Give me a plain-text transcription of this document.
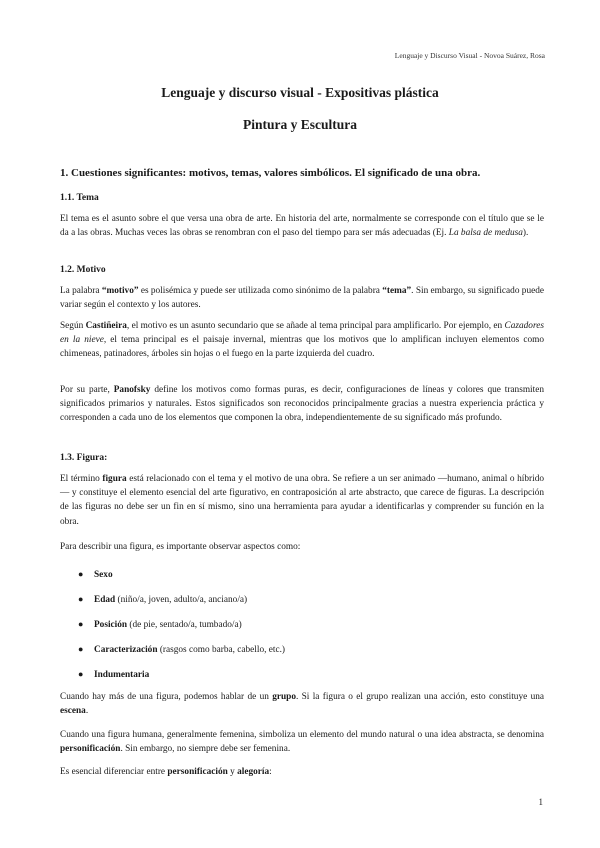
Lenguaje y Discurso Visual - Novoa Suárez, Rosa
Lenguaje y discurso visual - Expositivas plástica
Pintura y Escultura
1. Cuestiones significantes: motivos, temas, valores simbólicos. El significado de una obra.
1.1. Tema
El tema es el asunto sobre el que versa una obra de arte. En historia del arte, normalmente se corresponde con el título que se le da a las obras. Muchas veces las obras se renombran con el paso del tiempo para ser más adecuadas (Ej. La balsa de medusa).
1.2. Motivo
La palabra “motivo” es polisémica y puede ser utilizada como sinónimo de la palabra “tema”. Sin embargo, su significado puede variar según el contexto y los autores.
Según Castiñeira, el motivo es un asunto secundario que se añade al tema principal para amplificarlo. Por ejemplo, en Cazadores en la nieve, el tema principal es el paisaje invernal, mientras que los motivos que lo amplifican incluyen elementos como chimeneas, patinadores, árboles sin hojas o el fuego en la parte izquierda del cuadro.
Por su parte, Panofsky define los motivos como formas puras, es decir, configuraciones de líneas y colores que transmiten significados primarios y naturales. Estos significados son reconocidos principalmente gracias a nuestra experiencia práctica y corresponden a cada uno de los elementos que componen la obra, independientemente de su significado más profundo.
1.3. Figura:
El término figura está relacionado con el tema y el motivo de una obra. Se refiere a un ser animado —humano, animal o híbrido— y constituye el elemento esencial del arte figurativo, en contraposición al arte abstracto, que carece de figuras. La descripción de las figuras no debe ser un fin en sí mismo, sino una herramienta para ayudar a identificarlas y comprender su función en la obra.
Para describir una figura, es importante observar aspectos como:
● Sexo
● Edad (niño/a, joven, adulto/a, anciano/a)
● Posición (de pie, sentado/a, tumbado/a)
● Caracterización (rasgos como barba, cabello, etc.)
● Indumentaria
Cuando hay más de una figura, podemos hablar de un grupo. Si la figura o el grupo realizan una acción, esto constituye una escena.
Cuando una figura humana, generalmente femenina, simboliza un elemento del mundo natural o una idea abstracta, se denomina personificación. Sin embargo, no siempre debe ser femenina.
Es esencial diferenciar entre personificación y alegoría:
1
